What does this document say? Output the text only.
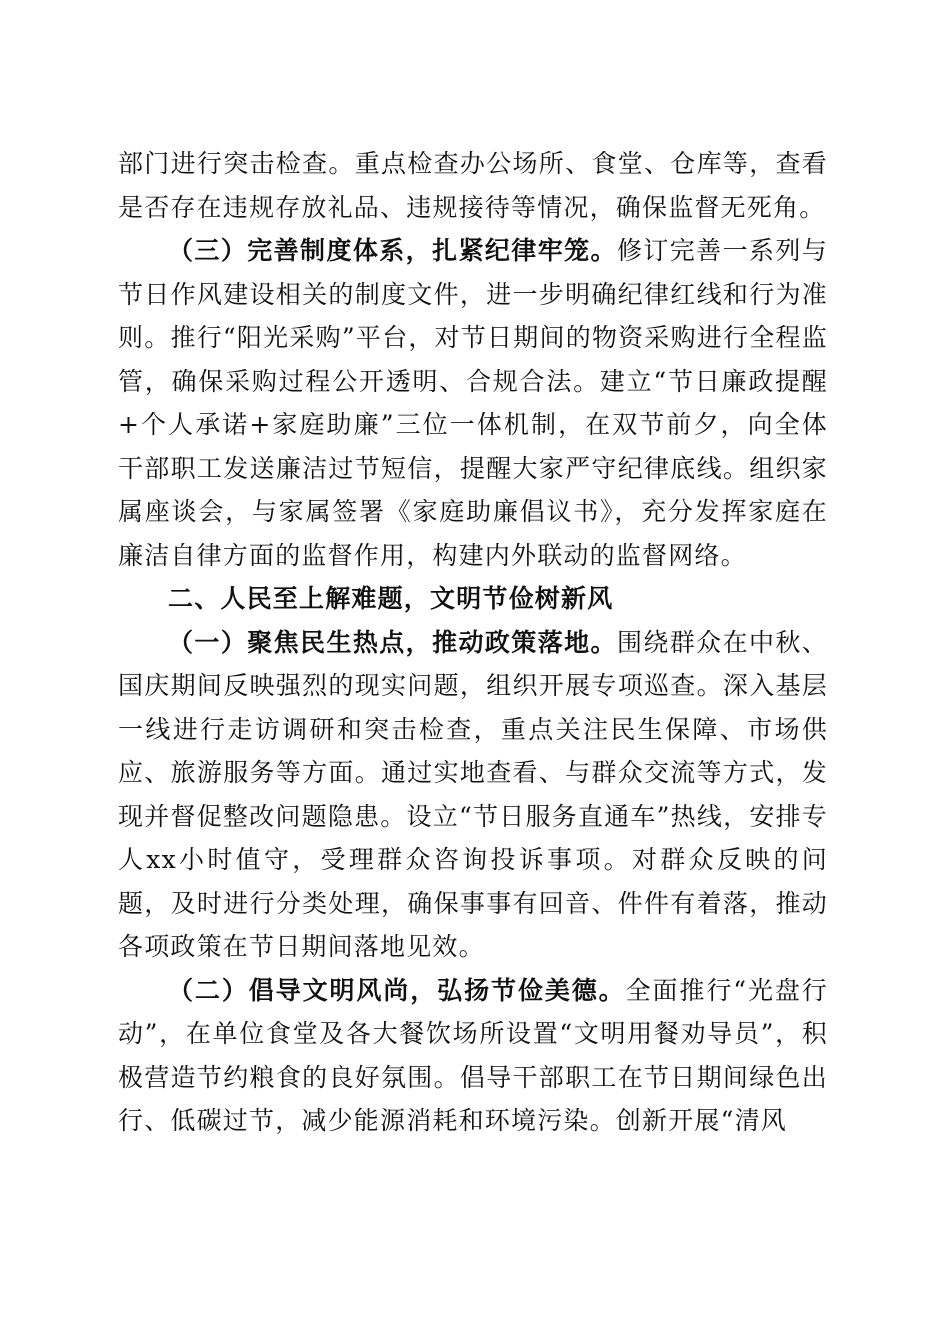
部门进行突击检查。重点检查办公场所、食堂、仓库等，查看是否存在违规存放礼品、违规接待等情况，确保监督无死角。

（三）完善制度体系，扎紧纪律牢笼。修订完善一系列与节日作风建设相关的制度文件，进一步明确纪律红线和行为准则。推行“阳光采购”平台，对节日期间的物资采购进行全程监管，确保采购过程公开透明、合规合法。建立“节日廉政提醒+个人承诺+家庭助廉”三位一体机制，在双节前夕，向全体干部职工发送廉洁过节短信，提醒大家严守纪律底线。组织家属座谈会，与家属签署《家庭助廉倡议书》，充分发挥家庭在廉洁自律方面的监督作用，构建内外联动的监督网络。

二、人民至上解难题，文明节俭树新风

（一）聚焦民生热点，推动政策落地。围绕群众在中秋、国庆期间反映强烈的现实问题，组织开展专项巡查。深入基层一线进行走访调研和突击检查，重点关注民生保障、市场供应、旅游服务等方面。通过实地查看、与群众交流等方式，发现并督促整改问题隐患。设立“节日服务直通车”热线，安排专人xx小时值守，受理群众咨询投诉事项。对群众反映的问题，及时进行分类处理，确保事事有回音、件件有着落，推动各项政策在节日期间落地见效。

（二）倡导文明风尚，弘扬节俭美德。全面推行“光盘行动”，在单位食堂及各大餐饮场所设置“文明用餐劝导员”，积极营造节约粮食的良好氛围。倡导干部职工在节日期间绿色出行、低碳过节，减少能源消耗和环境污染。创新开展“清风
